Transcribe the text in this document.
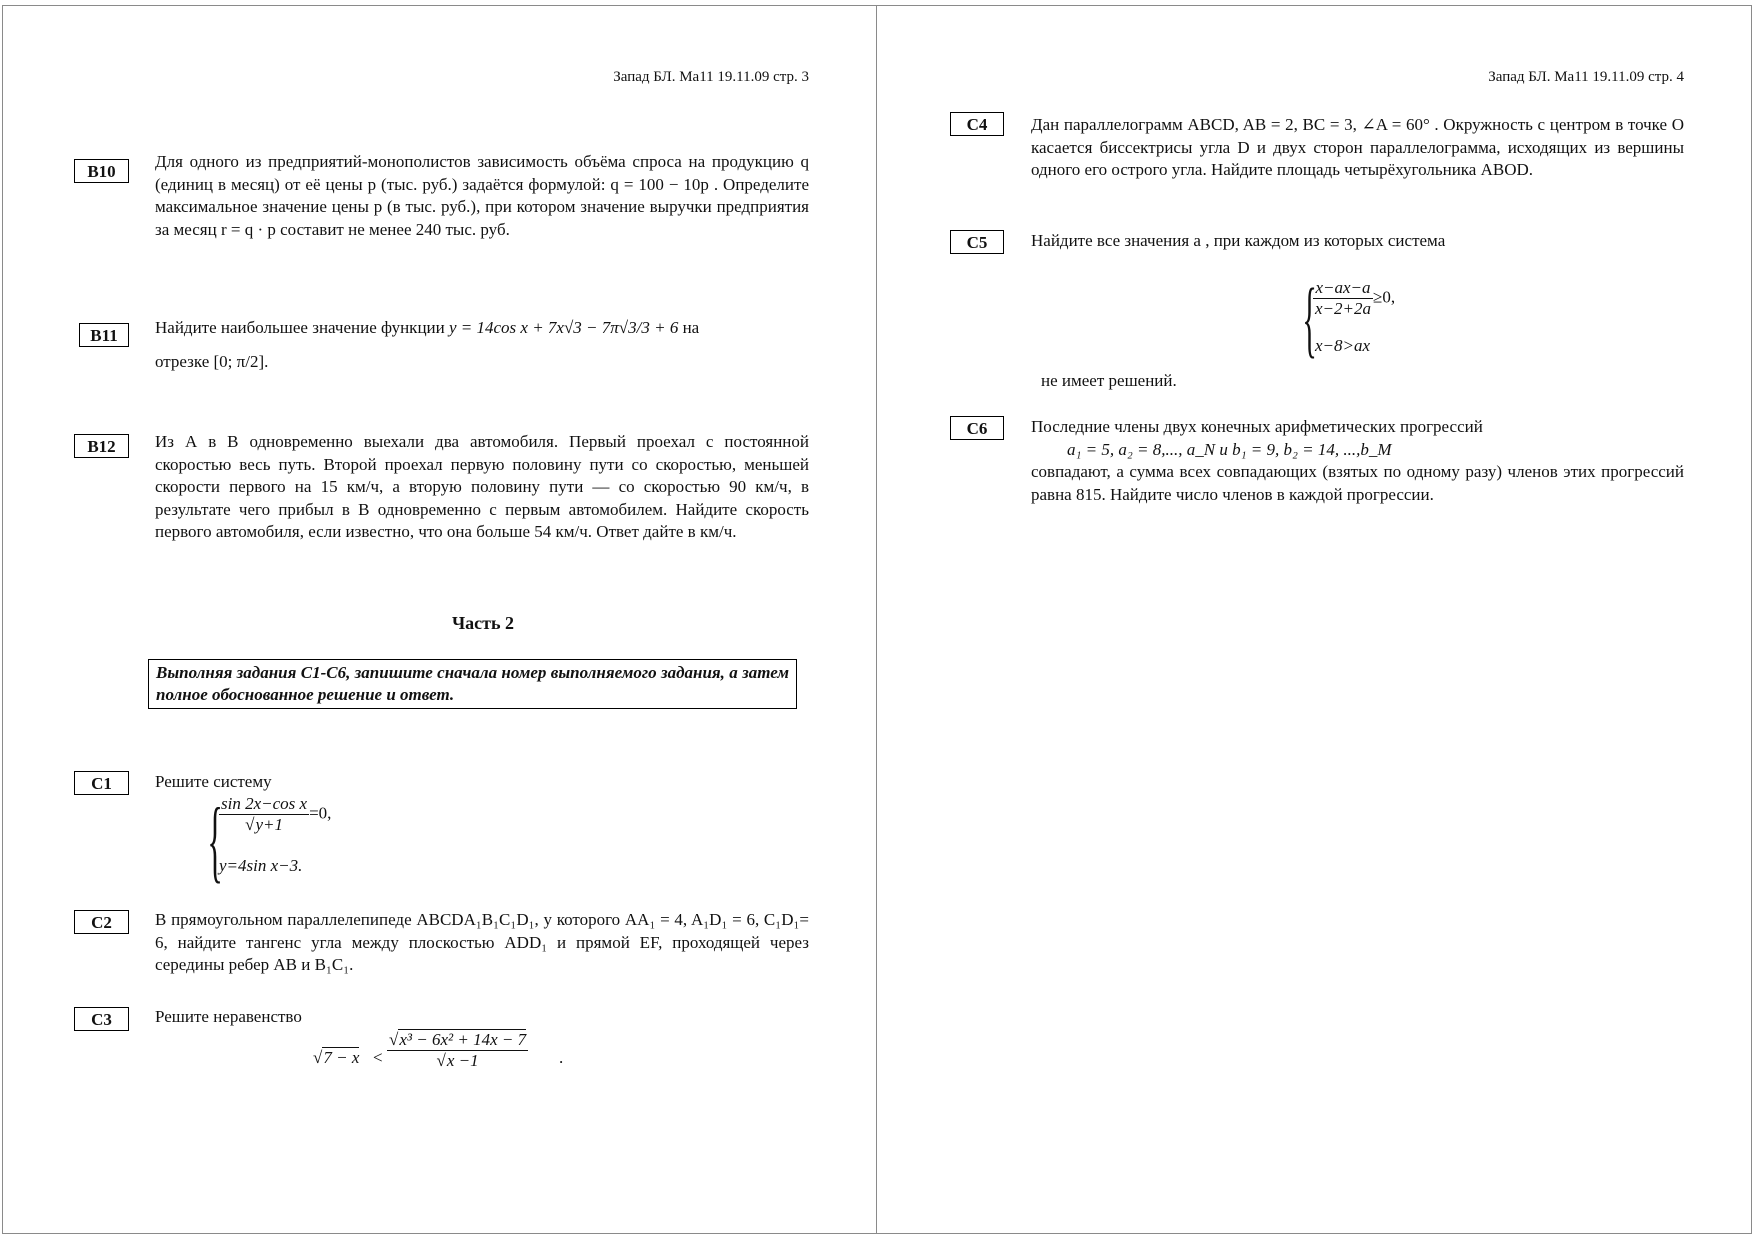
Запад БЛ. Ма11 19.11.09 стр. 3
B10
Для одного из предприятий-монополистов зависимость объёма спроса на продукцию q (единиц в месяц) от её цены p (тыс. руб.) задаётся формулой: q = 100 − 10p . Определите максимальное значение цены p (в тыс. руб.), при котором значение выручки предприятия за месяц r = q · p составит не менее 240 тыс. руб.
B11	Найдите наибольшее значение функции y = 14cos x + 7x√3 − 7π√3/3 + 6 на
отрезке [0; π/2].
B12	Из А в В одновременно выехали два автомобиля. Первый проехал с постоянной скоростью весь путь. Второй проехал первую половину пути со скоростью, меньшей скорости первого на 15 км/ч, а вторую половину пути — со скоростью 90 км/ч, в результате чего прибыл в В одновременно с первым автомобилем. Найдите скорость первого автомобиля, если известно, что она больше 54 км/ч. Ответ дайте в км/ч.
Часть 2
Выполняя задания С1-С6, запишите сначала номер выполняемого задания, а затем полное обоснованное решение и ответ.
C1	Решите систему
{
$\frac{\text{sin 2x−cos x}}{√y+1} =0$,
y=4sin x−3.
C2	В прямоугольном параллелепипеде ABCDA₁B₁C₁D₁, у которого AA₁ = 4, A₁D₁ = 6, C₁D₁= 6, найдите тангенс угла между плоскостью ADD₁ и прямой EF, проходящей через середины ребер AB и B₁C₁.
C3	Решите неравенство
$√7 - x < \frac{\text{√x³ − 6x² + 14x − 7}}{√x -1}$ .
Запад БЛ. Ма11 19.11.09 стр. 4
C4	Дан параллелограмм ABCD, AB = 2, BC = 3, ∠A = 60° . Окружность с центром в точке O касается биссектрисы угла D и двух сторон параллелограмма, исходящих из вершины одного его острого угла. Найдите площадь четырёхугольника ABOD.
C5	Найдите все значения a , при каждом из которых система
{
$\frac{x-ax-a}{x-2+2a} \ge 0$,
x−8>ax
не имеет решений.
C6	Последние члены двух конечных арифметических прогрессий

a₁ = 5, a₂ = 8,..., a_N и b₁ = 9, b₂ = 14, ...,b_M

совпадают, а сумма всех совпадающих (взятых по одному разу) членов этих прогрессий равна 815. Найдите число членов в каждой прогрессии.
